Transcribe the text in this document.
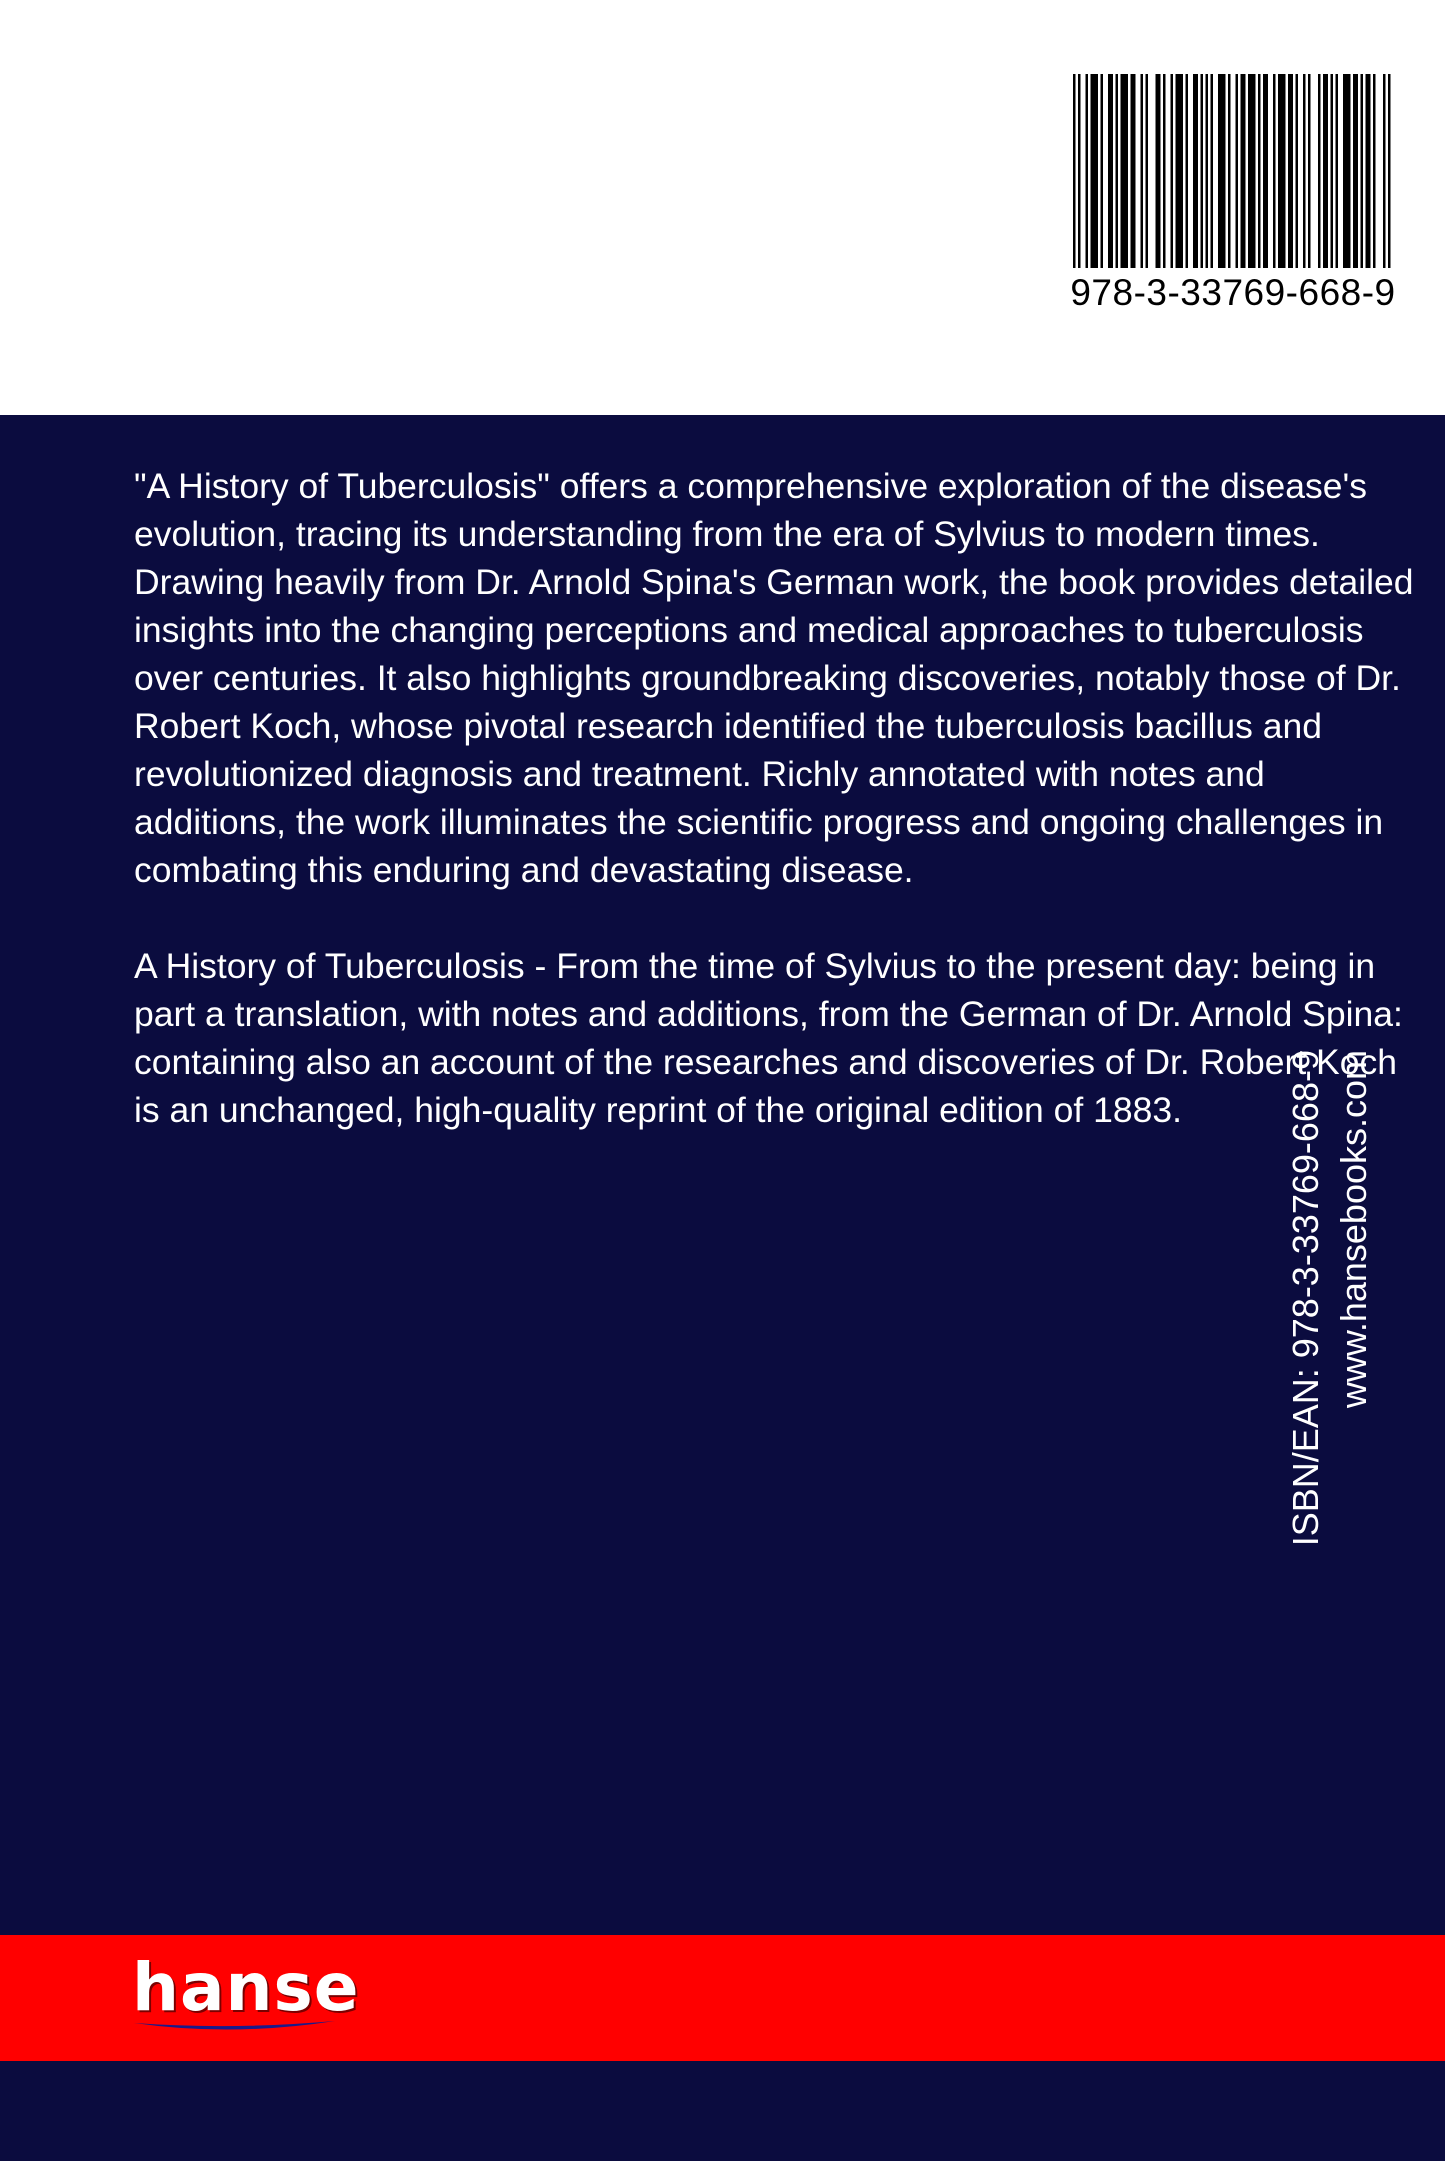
978-3-33769-668-9

"A History of Tuberculosis" offers a comprehensive exploration of the disease's evolution, tracing its understanding from the era of Sylvius to modern times. Drawing heavily from Dr. Arnold Spina's German work, the book provides detailed insights into the changing perceptions and medical approaches to tuberculosis over centuries. It also highlights groundbreaking discoveries, notably those of Dr. Robert Koch, whose pivotal research identified the tuberculosis bacillus and revolutionized diagnosis and treatment. Richly annotated with notes and additions, the work illuminates the scientific progress and ongoing challenges in combating this enduring and devastating disease.

A History of Tuberculosis - From the time of Sylvius to the present day: being in part a translation, with notes and additions, from the German of Dr. Arnold Spina: containing also an account of the researches and discoveries of Dr. Robert Koch is an unchanged, high-quality reprint of the original edition of 1883.	ISBN/EAN: 978-3-33769-668-9 www.hansebooks.com
hanse
